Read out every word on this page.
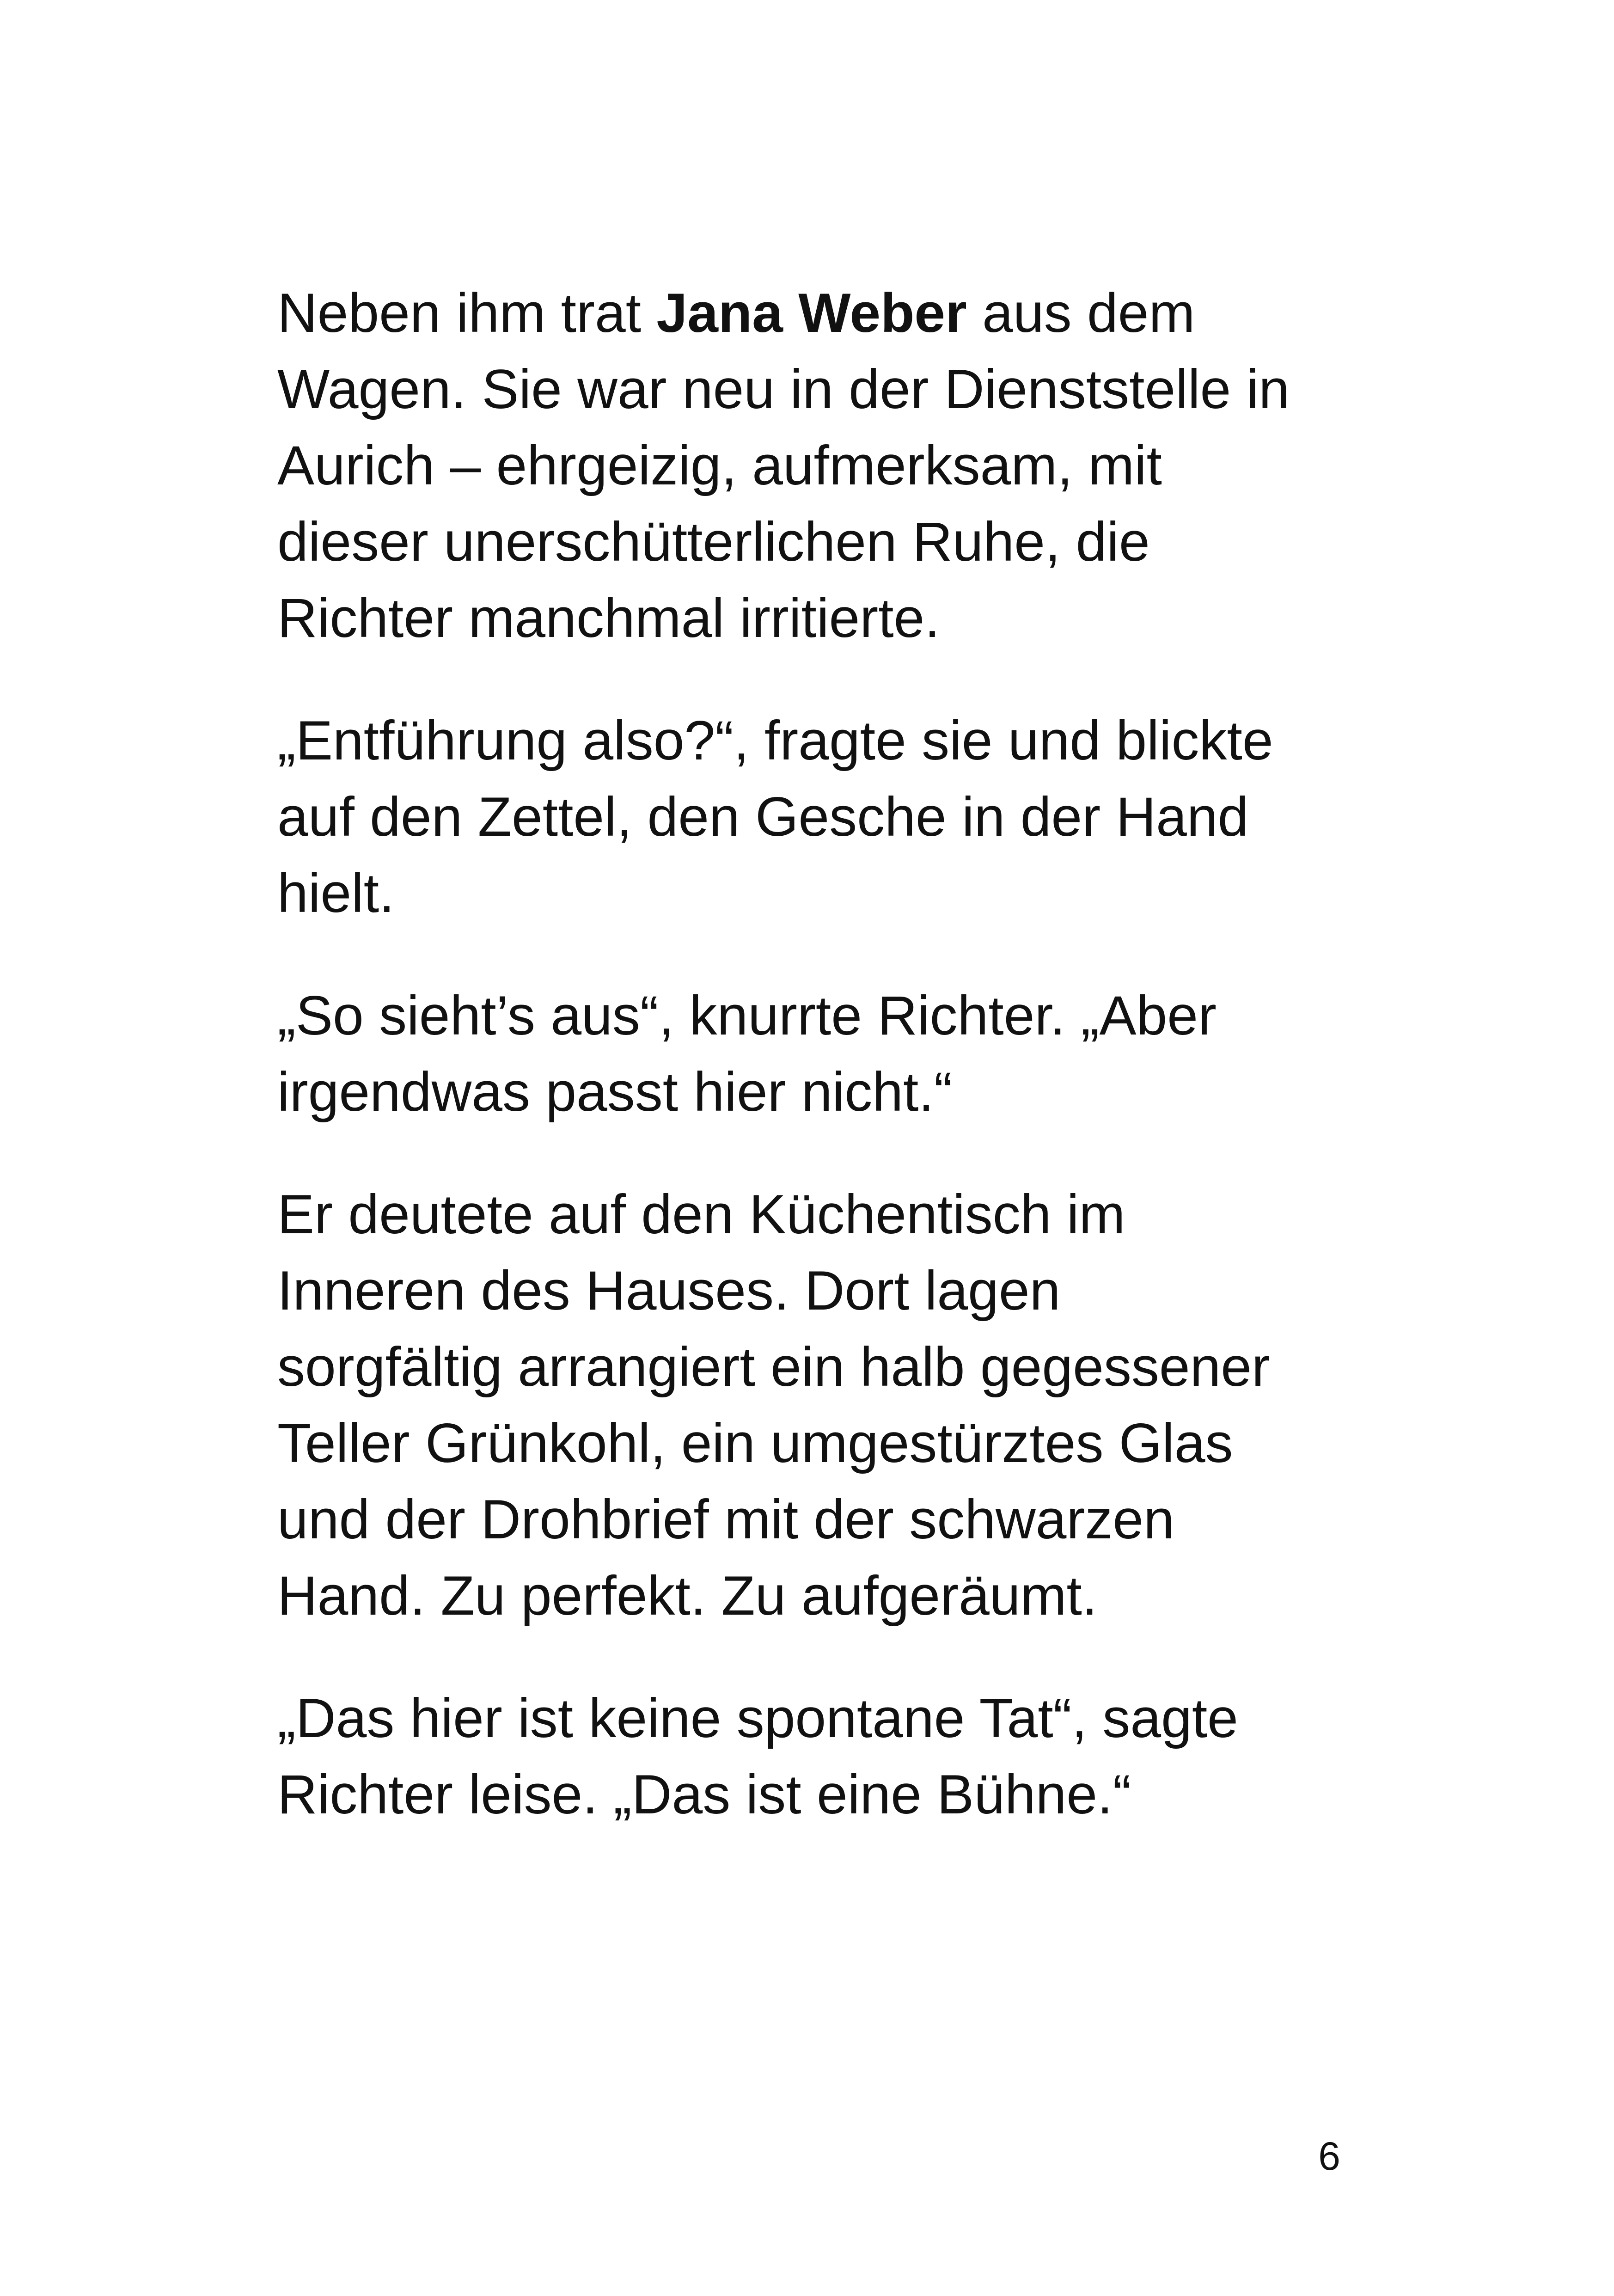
Neben ihm trat Jana Weber aus dem
Wagen. Sie war neu in der Dienststelle in
Aurich – ehrgeizig, aufmerksam, mit
dieser unerschütterlichen Ruhe, die
Richter manchmal irritierte.

„Entführung also?“, fragte sie und blickte
auf den Zettel, den Gesche in der Hand
hielt.

„So sieht’s aus“, knurrte Richter. „Aber
irgendwas passt hier nicht.“

Er deutete auf den Küchentisch im
Inneren des Hauses. Dort lagen
sorgfältig arrangiert ein halb gegessener
Teller Grünkohl, ein umgestürztes Glas
und der Drohbrief mit der schwarzen
Hand. Zu perfekt. Zu aufgeräumt.

„Das hier ist keine spontane Tat“, sagte
Richter leise. „Das ist eine Bühne.“

6
